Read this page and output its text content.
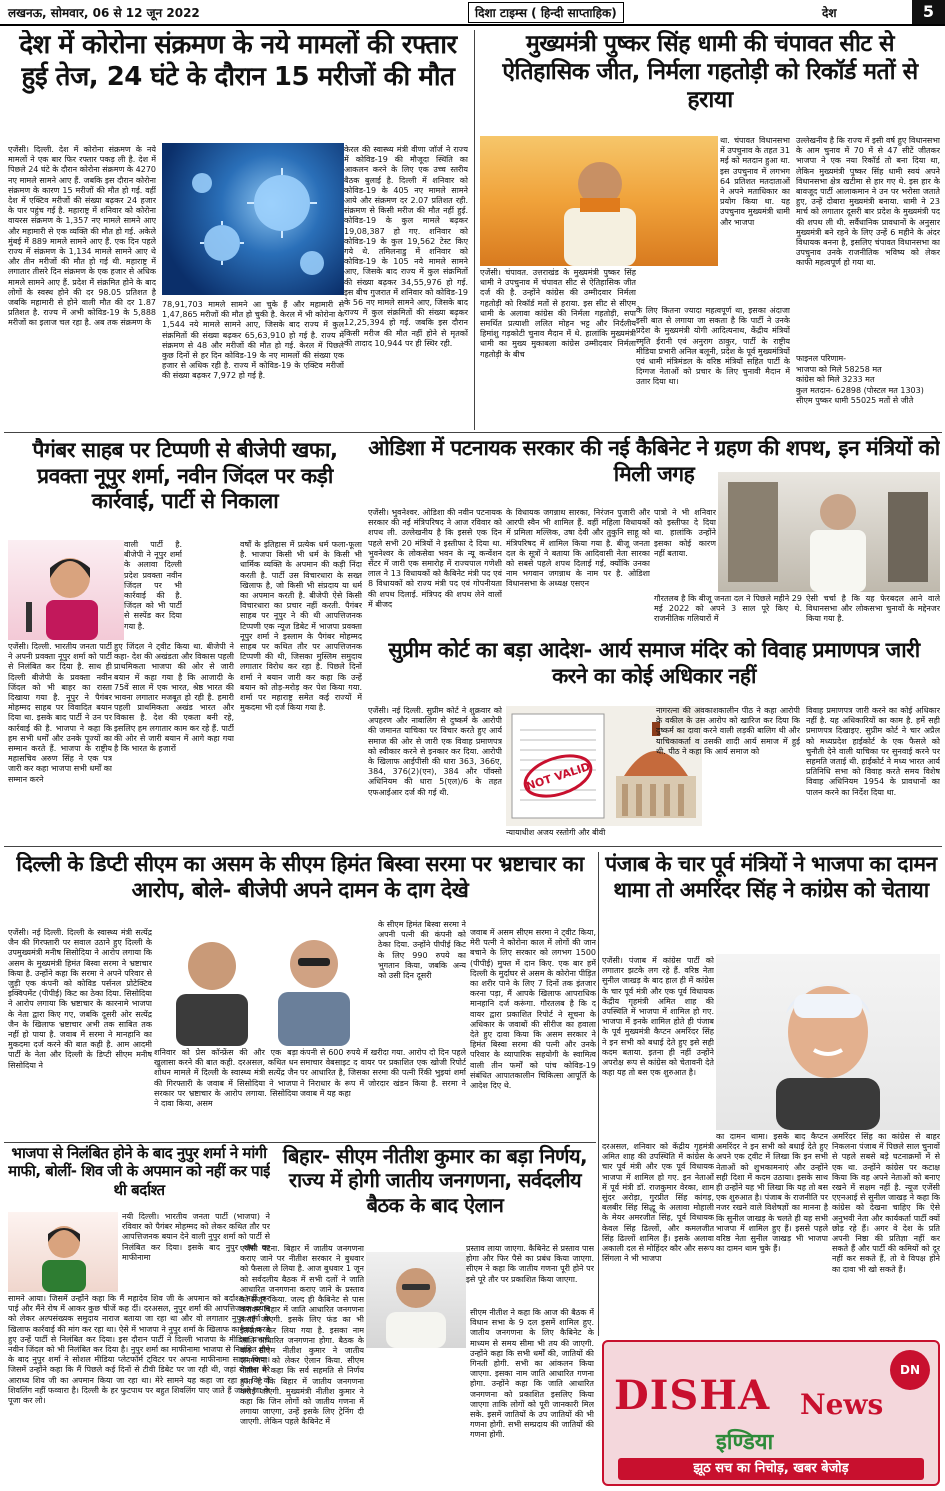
लखनऊ, सोमवार, 06 से 12 जून 2022	दिशा टाइम्स ( हिन्दी साप्ताहिक)	देश	5
देश में कोरोना संक्रमण के नये मामलों की रफ्तार हुई तेज, 24 घंटे के दौरान 15 मरीजों की मौत
एजेंसी। दिल्ली. देश में कोरोना संक्रमण के नये मामलों ने एक बार फिर रफ्तार पकड़ ली है. देश में पिछले 24 घंटे के दौरान कोरोना संक्रमण के 4270 नए मामले सामने आए हैं. जबकि इस दौरान कोरोना संक्रमण के कारण 15 मरीजों की मौत हो गई. वहीं देश में एक्टिव मरीजों की संख्या बढ़कर 24 हजार के पार पहुंच गई है. महाराष्ट्र में शनिवार को कोरोना वायरस संक्रमण के 1,357 नए मामले सामने आए और महामारी से एक व्यक्ति की मौत हो गई. अकेले मुंबई में 889 मामले सामने आए हैं. एक दिन पहले राज्य में संक्रमण के 1,134 मामले सामने आए थे और तीन मरीजों की मौत हो गई थी. महाराष्ट्र में लगातार तीसरे दिन संक्रमण के एक हजार से अधिक मामले सामने आए हैं. प्रदेश में संक्रमित होने के बाद लोगों के स्वस्थ होने की दर 98.05 प्रतिशत है जबकि महामारी से होने वाली मौत की दर 1.87 प्रतिशत है. राज्य में अभी कोविड-19 के 5,888 मरीजों का इलाज चल रहा है. अब तक संक्रमण के
78,91,703 मामले सामने आ चुके हैं और महामारी से 1,47,865 मरीजों की मौत हो चुकी है. केरल में भी कोरोना के 1,544 नये मामले सामने आए, जिसके बाद राज्य में कुल संक्रमितों की संख्या बढ़कर 65,63,910 हो गई है. राज्य में संक्रमण से 48 और मरीजों की मौत हो गई. केरल में पिछले कुछ दिनों से हर दिन कोविड-19 के नए मामलों की संख्या एक हजार से अधिक रही है. राज्य में कोविड-19 के एक्टिव मरीजों की संख्या बढ़कर 7,972 हो गई है.
केरल की स्वास्थ्य मंत्री वीणा जॉर्ज ने राज्य में कोविड-19 की मौजूदा स्थिति का आकलन करने के लिए एक उच्च स्तरीय बैठक बुलाई है. दिल्ली में शनिवार को कोविड-19 के 405 नए मामले सामने आये और संक्रमण दर 2.07 प्रतिशत रही. संक्रमण से किसी मरीज की मौत नहीं हुई. कोविड-19 के कुल मामले बढ़कर 19,08,387 हो गए. शनिवार को कोविड-19 के कुल 19,562 टेस्ट किए गये थे. तमिलनाडु में शनिवार को कोविड-19 के 105 नये मामले सामने आए, जिसके बाद राज्य में कुल संक्रमितों की संख्या बढ़कर 34,55,976 हो गई. इस बीच गुजरात में शनिवार को कोविड-19 के 56 नए मामले सामने आए, जिसके बाद राज्य में कुल संक्रमितों की संख्या बढ़कर 12,25,394 हो गई. जबकि इस दौरान किसी मरीज की मौत नहीं होने से मृतकों की तादाद 10,944 पर ही स्थिर रही.
मुख्यमंत्री पुष्कर सिंह धामी की चंपावत सीट से ऐतिहासिक जीत, निर्मला गहतोड़ी को रिकॉर्ड मतों से हराया
एजेंसी। चंपावत. उत्तराखंड के मुख्यमंत्री पुष्कर सिंह धामी ने उपचुनाव में चंपावत सीट से ऐतिहासिक जीत दर्ज की है. उन्होंने कांग्रेस की उम्मीदवार निर्मला गहतोड़ी को रिकॉर्ड मतों से हराया. इस सीट से सीएम धामी के अलावा कांग्रेस की निर्मला गहतोड़ी, सपा समर्थित प्रत्याशी ललित मोहन भट्ट और निर्दलीय हिमांशु गड़कोटी चुनाव मैदान में थे. हालांकि मुख्यमंत्री धामी का मुख्य मुकाबला कांग्रेस उम्मीदवार निर्मला गहतोड़ी के बीच
था. चंपावत विधानसभा में उपचुनाव के तहत 31 मई को मतदान हुआ था. इस उपचुनाव में लगभग 64 प्रतिशत मतदाताओं ने अपने मताधिकार का प्रयोग किया था. यह उपचुनाव मुख्यमंत्री धामी और भाजपा
के लिए कितना ज्यादा महत्वपूर्ण था, इसका अंदाजा इसी बात से लगाया जा सकता है कि पार्टी ने उनके प्रदेश के मुख्यमंत्री योगी आदित्यनाथ, केंद्रीय मंत्रियों स्मृति ईरानी एवं अनुराग ठाकुर, पार्टी के राष्ट्रीय मीडिया प्रभारी अनिल बलूनी, प्रदेश के पूर्व मुख्यमंत्रियों एवं धामी मंत्रिमंडल के वरिष्ठ मंत्रियों सहित पार्टी के दिग्गज नेताओं को प्रचार के लिए चुनावी मैदान में उतार दिया था।
उल्लेखनीय है कि राज्य में इसी वर्ष हुए विधानसभा के आम चुनाव में 70 में से 47 सीटें जीतकर भाजपा ने एक नया रिकॉर्ड तो बना दिया था, लेकिन मुख्यमंत्री पुष्कर सिंह धामी स्वयं अपने विधानसभा क्षेत्र खटीमा से हार गए थे. इस हार के बावजूद पार्टी आलाकमान ने उन पर भरोसा जताते हुए, उन्हें दोबारा मुख्यमंत्री बनाया. धामी ने 23 मार्च को लगातार दूसरी बार प्रदेश के मुख्यमंत्री पद की शपथ ली थी. सर्वैधानिक प्रावधानों के अनुसार मुख्यमंत्री बने रहने के लिए उन्हें 6 महीने के अंदर विधायक बनना है, इसलिए चंपावत विधानसभा का उपचुनाव उनके राजनीतिक भविष्य को लेकर काफी महत्वपूर्ण हो गया था.
फाइनल परिणाम-
भाजपा को मिले 58258 मत
कांग्रेस को मिले 3233 मत
कुल मतदान- 62898 (पोस्टल मत 1303)
सीएम पुष्कर धामी 55025 मतों से जीते
पैगंबर साहब पर टिप्पणी से बीजेपी खफा, प्रवक्ता नूपुर शर्मा, नवीन जिंदल पर कड़ी कार्रवाई, पार्टी से निकाला
वाली पार्टी है. बीजेपी ने नूपुर शर्मा के अलावा दिल्ली प्रदेश प्रवक्ता नवीन जिंदल पर भी कार्रवाई की है. जिंदल को भी पार्टी से सस्पेंड कर दिया गया है.
एजेंसी। दिल्ली. भारतीय जनता पार्टी ने अपनी प्रवक्ता नूपुर शर्मा को पार्टी से निलंबित कर दिया है. साथ ही दिल्ली बीजेपी के प्रवक्ता नवीन जिंदल को भी बाहर का रास्ता दिखाया गया है. नूपुर ने पैगंबर मोहम्मद साहब पर विवादित बयान दिया था. इसके बाद पार्टी ने उन पर कार्रवाई की है. भाजपा ने कहा कि हम सभी धर्मों और उनके पूज्यों का सम्मान करते हैं. भाजपा के राष्ट्रीय महासचिव अरुण सिंह ने एक पत्र जारी कर कहा भाजपा सभी धर्मों का सम्मान करने
हुए जिंदल ने ट्वीट किया था. बीजेपी ने कहा- देश की अखंडता और विकास पहली प्राथमिकता भाजपा की ओर से जारी बयान में कहा गया है कि आजादी के 75वें साल में एक भारत, श्रेष्ठ भारत की भावना लगातार मजबूत हो रही है. हमारी पहली प्राथमिकता अखंड भारत और विकास है. देश की एकता बनी रहे, इसलिए हम लगातार काम कर रहे हैं. पार्टी की ओर से जारी बयान में आगे कहा गया है कि भारत के हजारों
वर्षों के इतिहास में प्रत्येक धर्म फला-फूला है. भाजपा किसी भी धर्म के किसी भी धार्मिक व्यक्ति के अपमान की कड़ी निंदा करती है. पार्टी उस विचारधारा के सख्त खिलाफ है, जो किसी भी संप्रदाय या धर्म का अपमान करती है. बीजेपी ऐसे किसी विचारधारा का प्रचार नहीं करती. पैगंबर साहब पर नूपुर ने की थी आपत्तिजनक टिप्पणी एक न्यूज डिबेट में भाजपा प्रवक्ता नूपुर शर्मा ने इस्लाम के पैगंबर मोहम्मद साहब पर कथित तौर पर आपत्तिजनक टिप्पणी की थी, जिसका मुस्लिम समुदाय लगातार विरोध कर रहा है. पिछले दिनों शर्मा ने बयान जारी कर कहा कि उन्हें बयान को तोड़-मरोड़ कर पेश किया गया. शर्मा पर महाराष्ट्र समेत कई राज्यों में मुकदमा भी दर्ज किया गया है.
ओडिशा में पटनायक सरकार की नई कैबिनेट ने ग्रहण की शपथ, इन मंत्रियों को मिली जगह
एजेंसी। भुवनेश्वर. ओडिशा की नवीन पटनायक सरकार की नई मंत्रिपरिषद ने आज रविवार को शपथ ली. उल्लेखनीय है कि इससे एक दिन पहले सभी 20 मंत्रियों ने इस्तीफा दे दिया था. भुवनेश्वर के लोकसेवा भवन के न्यू कन्वेंशन सेंटर में जारी एक समारोह में राज्यपाल गणेशी लाल ने 13 विधायकों को कैबिनेट मंत्री पद एवं 8 विधायकों को राज्य मंत्री पद एवं गोपनीयता की शपथ दिलाई. मंत्रिपद की शपथ लेने वालों में बीजद
के विधायक जगन्नाथ सारका, निरंजन पुजारी और आरपी स्वैन भी शामिल हैं. वहीं महिला विधायकों में प्रमिला मल्लिक, उषा देवी और तुकुनि साहू को मंत्रिपरिषद में शामिल किया गया है. बीजू जनता दल के सूत्रों ने बताया कि आदिवासी नेता सारका को सबसे पहले शपथ दिलाई गई, क्योंकि उनका नाम भगवान जगन्नाथ के नाम पर है. ओडिशा विधानसभा के अध्यक्ष एसएन
पात्रो ने भी शनिवार को इस्तीफा दे दिया था. हालांकि उन्होंने इसका कोई कारण नहीं बताया.
गौरतलब है कि बीजू जनता दल ने पिछले महीने 29 मई 2022 को अपने 3 साल पूरे किए थे. राजनीतिक गलियारों में
ऐसी चर्चा है कि यह फेरबदल आने वाले विधानसभा और लोकसभा चुनावों के मद्देनजर किया गया है.
सुप्रीम कोर्ट का बड़ा आदेश- आर्य समाज मंदिर को विवाह प्रमाणपत्र जारी करने का कोई अधिकार नहीं
एजेंसी। नई दिल्ली. सुप्रीम कोर्ट ने शुक्रवार को अपहरण और नाबालिग से दुष्कर्म के आरोपी की जमानत याचिका पर विचार करते हुए आर्य समाज की ओर से जारी एक विवाह प्रमाणपत्र को स्वीकार करने से इनकार कर दिया. आरोपी के खिलाफ आईपीसी की धारा 363, 366ए, 384, 376(2)(एन), 384 और पॉक्सो अधिनियम की धारा 5(एल)/6 के तहत एफआईआर दर्ज की गई थी.	NOT VALID
न्यायाधीश अजय रस्तोगी और बीवी
नागरत्ना की अवकाशकालीन पीठ ने कहा आरोपी के वकील के उस आरोप को खारिज कर दिया कि दुष्कर्म का दावा करने वाली लड़की बालिग थी और याचिकाकर्ता व उसकी शादी आर्य समाज में हुई थी. पीठ ने कहा कि आर्य समाज को
विवाह प्रमाणपत्र जारी करने का कोई अधिकार नहीं है. यह अधिकारियों का काम है. हमें सही प्रमाणपत्र दिखाइए. सुप्रीम कोर्ट ने चार अप्रैल को मध्यप्रदेश हाईकोर्ट के एक फैसले को चुनौती देने वाली याचिका पर सुनवाई करने पर सहमति जताई थी. हाईकोर्ट ने मध्य भारत आर्य प्रतिनिधि सभा को विवाह करते समय विशेष विवाह अधिनियम 1954 के प्रावधानों का पालन करने का निर्देश दिया था.
दिल्ली के डिप्टी सीएम का असम के सीएम हिमंत बिस्वा सरमा पर भ्रष्टाचार का आरोप, बोले- बीजेपी अपने दामन के दाग देखे
एजेंसी। नई दिल्ली. दिल्ली के स्वास्थ्य मंत्री सत्येंद्र जैन की गिरफ्तारी पर सवाल उठाने हुए दिल्ली के उपमुख्यमंत्री मनीष सिसोदिया ने आरोप लगाया कि असम के मुख्यमंत्री हिमंत बिस्वा सरमा ने भ्रष्टाचार किया है. उन्होंने कहा कि सरमा ने अपने परिवार से जुड़ी एक कंपनी को कोविड पर्सनल प्रोटेक्टिव इक्विपमेंट (पीपीई) किट का ठेका दिया. सिसोदिया ने आरोप लगाया कि भ्रष्टाचार के कारनामे भाजपा के नेता द्वारा किए गए, जबकि दूसरी ओर सत्येंद्र जैन के खिलाफ भ्रष्टाचार अभी तक साबित तक नहीं हो पाया है. जवाब में सरमा ने मानहानि का मुकदमा दर्ज करने की बात कही है. आम आदमी पार्टी के नेता और दिल्ली के डिप्टी सीएम मनीष सिसोदिया ने
के सीएम हिमंत बिस्वा सरमा ने अपनी पत्नी की कंपनी को ठेका दिया. उन्होंने पीपीई किट के लिए 990 रुपये का भुगतान किया, जबकि अन्य को उसी दिन दूसरी
शनिवार को प्रेस कॉन्फ्रेंस की और एक बड़ा खुलासा करने की बात कही. दरअसल, कथित धन शोधन मामले में दिल्ली के स्वास्थ्य मंत्री सत्येंद्र जैन की गिरफ्तारी के जवाब में सिसोदिया ने भाजपा सरकार पर भ्रष्टाचार के आरोप लगाया. सिसोदिया ने दावा किया, असम
कंपनी से 600 रुपये में खरीदा गया. आरोप दो दिन पहले समाचार वेबसाइट द वायर पर प्रकाशित एक खोजी रिपोर्ट पर आधारित है, जिसका सरमा की पत्नी रिंकी भुइयां शर्मा ने निराधार के रूप में जोरदार खंडन किया है. सरमा ने जवाब में यह कहा
जवाब में असम सीएम सरमा ने ट्वीट किया, मेरी पत्नी ने कोरोना काल में लोगों की जान बचाने के लिए सरकार को लगभग 1500 (पीपीई) मुफ्त में दान किए. एक बार हमें दिल्ली के मुर्दाघर से असम के कोरोना पीड़ित का शरीर पाने के लिए 7 दिनों तक इंतजार करना पड़ा, मैं आपके खिलाफ आपराधिक मानहानि दर्ज करूंगा. गौरतलब है कि द वायर द्वारा प्रकाशित रिपोर्ट ने सूचना के अधिकार के जवाबों की सीरीज का हवाला देते हुए दावा किया कि असम सरकार ने हिमंत बिस्वा सरमा की पत्नी और उनके परिवार के व्यापारिक सहयोगी के स्वामित्व वाली तीन फर्मों को पांच कोविड-19 संबंधित आपातकालीन चिकित्सा आपूर्ति के आदेश दिए थे.
पंजाब के चार पूर्व मंत्रियों ने भाजपा का दामन थामा तो अमरिंदर सिंह ने कांग्रेस को चेताया
एजेंसी। पंजाब में कांग्रेस पार्टी को लगातार झटके लग रहे हैं. वरिष्ठ नेता सुनील जाखड़ के बाद हाल ही में कांग्रेस के चार पूर्व मंत्री और एक पूर्व विधायक केंद्रीय गृहमंत्री अमित शाह की उपस्थिति में भाजपा में शामिल हो गए. भाजपा में इनके शामिल होते ही पंजाब के पूर्व मुख्यमंत्री कैप्टन अमरिंदर सिंह ने इन सभी को बधाई देते हुए इसे सही कदम बताया. इतना ही नहीं उन्होंने अपरोक्ष रूप से कांग्रेस को चेतावनी देते कहा यह तो बस एक शुरुआत है।
दरअसल, शनिवार को केंद्रीय गृहमंत्री अमित शाह की उपस्थिति में कांग्रेस के चार पूर्व मंत्री और एक पूर्व विधायक भाजपा में शामिल हो गए. इन नेताओं में पूर्व मंत्री डॉ. राजकुमार वेरका, शाम सुंदर अरोड़ा, गुरप्रीत सिंह कांगड़, बलबीर सिंह सिद्धू के अलावा मोहाली के मेयर अमरजीत सिंह, पूर्व विधायक केवल सिंह ढिल्लों, और कमलजीत सिंह ढिल्लों शामिल हैं। इसके अलावा अकाली दल से मोहिंदर कौर और सरूप सिंगला ने भी भाजपा
का दामन थामा। इसके बाद कैप्टन अमरिंदर ने इन सभी को बधाई देते हुए अपने एक ट्वीट में लिखा कि इन सभी नेताओं को शुभकामनाएं और उन्होंने सही दिशा में कदम उठाया। इसके साथ ही उन्होंने यह भी लिखा कि यह तो बस एक शुरुआत है। पंजाब के राजनीति पर नजर रखने वाले विशेषज्ञों का मानना है कि सुनील जाखड़ के चलते ही यह सभी भाजपा में शामिल हुए हैं। इससे पहले वरिष्ठ नेता सुनील जाखड़ भी भाजपा का दामन थाम चुके हैं।
अमरिंदर सिंह का कांग्रेस से बाहर निकलना पंजाब में पिछले साल चुनावों से पहले सबसे बड़े घटनाक्रमों में से एक था. उन्होंने कांग्रेस पर कटाक्ष किया कि वह अपने नेताओं को बनाए रखने में सक्षम नहीं है. न्यूज एजेंसी एएनआई से सुनील जाखड़ ने कहा कि कांग्रेस को देखना चाहिए कि ऐसे अनुभवी नेता और कार्यकर्ता पार्टी क्यों छोड़ रहे हैं। अगर वे देश के प्रति अपनी निष्ठा की प्रतिज्ञा नहीं कर सकते हैं और पार्टी की कमियों को दूर नहीं कर सकते हैं, तो वे विपक्ष होने का दावा भी खो सकते हैं।
भाजपा से निलंबित होने के बाद नुपुर शर्मा ने मांगी माफी, बोलीं- शिव जी के अपमान को नहीं कर पाई थी बर्दाश्त
नयी दिल्ली। भारतीय जनता पार्टी (भाजपा) ने रविवार को पैगंबर मोहम्मद को लेकर कथित तौर पर आपत्तिजनक बयान देने वाली नुपुर शर्मा को पार्टी से निलंबित कर दिया। इसके बाद नुपुर शर्मा का माफीनामा
सामने आया। जिसमें उन्होंने कहा कि मैं महादेव शिव जी के अपमान को बर्दाश्त नहीं कर पाई और मैंने रोष में आकर कुछ चीजें कह दीं। दरअसल, नुपुर शर्मा की आपत्तिजनक बयान को लेकर अल्पसंख्यक समुदाय नाराज बताया जा रहा था और वो लगातार नुपुर शर्मा के खिलाफ कार्रवाई की मांग कर रहा था। ऐसे में भाजपा ने नुपुर शर्मा के खिलाफ कार्रवाई करते हुए उन्हें पार्टी से निलंबित कर दिया। इस दौरान पार्टी ने दिल्ली भाजपा के मीडिया प्रभारी नवीन जिंदल को भी निलंबित कर दिया है। नुपुर शर्मा का माफीनामा भाजपा से निलंबित होने के बाद नुपुर शर्मा ने सोशल मीडिया प्लेटफॉर्म ट्विटर पर अपना माफीनामा साझा किया। जिसमें उन्होंने कहा कि मैं पिछले कई दिनों से टीवी डिबेट पर जा रही थी, जहां रोजाना मेरे आराध्य शिव जी का अपमान किया जा रहा था। मेरे सामने यह कहा जा रहा था कि वो शिवलिंग नहीं फव्वारा है। दिल्ली के हर फुटपाथ पर बहुत शिवलिंग पाए जाते हैं जाओ जा के पूजा कर लो।
बिहार- सीएम नीतीश कुमार का बड़ा निर्णय, राज्य में होगी जातीय जनगणना, सर्वदलीय बैठक के बाद ऐलान
एजेंसी पटना. बिहार में जातीय जनगणना कराए जाने पर नीतीश सरकार ने बुधवार को फैसला ले लिया है. आज बुधवार 1 जून को सर्वदलीय बैठक में सभी दलों ने जाति आधारित जनगणना कराए जाने के प्रस्ताव को मंजूर किया. जल्द ही कैबिनेट से पास कराकर बिहार में जाति आधारित जनगणना कराई जाएगी. इसके लिए फंड का भी इंतजाम कर लिया गया है. इसका नाम जाति आधारित जनगणना होगा. बैठक के बाद सीएम नीतीश कुमार ने जातीय जनगणना को लेकर ऐलान किया. सीएम नीतीश ने कहा कि सर्व सहमति से निर्णय हुआ है कि बिहार में जातीय जनगणना कराई जाएगी. मुख्यमंत्री नीतीश कुमार ने कहा कि जिन लोगों को जातीय गणना में लगाया जाएगा, उन्हें इसके लिए ट्रेनिंग दी जाएगी. लेकिन पहले कैबिनेट में
प्रस्ताव लाया जाएगा. कैबिनेट से प्रस्ताव पास होगा और फिर पैसे का प्रबंध किया जाएगा. सीएम ने कहा कि जातीय गणना पूरी होने पर इसे पूरे तौर पर प्रकाशित किया जाएगा.
सीएम नीतीश ने कहा कि आज की बैठक में विधान सभा के 9 दल इसमें शामिल हुए. जातीय जनगणना के लिए कैबिनेट के माध्यम से समय सीमा भी तय की जाएगी. उन्होंने कहा कि सभी धर्मों की, जातियों की गिनती होगी. सभी का आंकलन किया जाएगा. इसका नाम जाति आधारित गणना होगा. उन्होंने कहा कि जाति आधारित जनगणना को प्रकाशित इसलिए किया जाएगा ताकि लोगों को पूरी जानकारी मिल सके. इसमें जातियों के उप जातियों की भी गणना होगी. सभी सम्प्रदाय की जातियों की गणना होगी.
DISHA News
DN
इण्डिया
झूठ सच का निचोड़, खबर बेजोड़
